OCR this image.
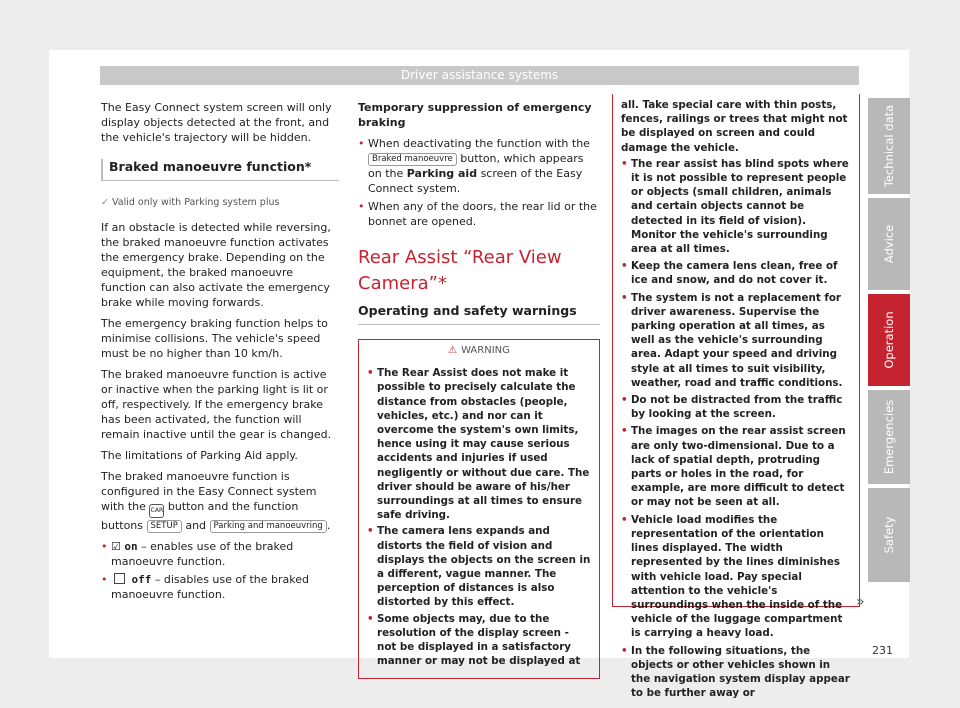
Driver assistance systems

The Easy Connect system screen will only display objects detected at the front, and the vehicle's trajectory will be hidden.

Braked manoeuvre function*
✓ Valid only with Parking system plus

If an obstacle is detected while reversing, the braked manoeuvre function activates the emergency brake. Depending on the equipment, the braked manoeuvre function can also activate the emergency brake while moving forwards.

The emergency braking function helps to minimise collisions. The vehicle's speed must be no higher than 10 km/h.

The braked manoeuvre function is active or inactive when the parking light is lit or off, respectively. If the emergency brake has been activated, the function will remain inactive until the gear is changed.

The limitations of Parking Aid apply.

The braked manoeuvre function is configured in the Easy Connect system with the CAR button and the function buttons SETUP and Parking and manoeuvring .

• ☑ on – enables use of the braked manoeuvre function.
• off – disables use of the braked manoeuvre function.

Temporary suppression of emergency braking

• When deactivating the function with the Braked manoeuvre button, which appears on the Parking aid screen of the Easy Connect system.
• When any of the doors, the rear lid or the bonnet are opened.
Rear Assist “Rear View Camera”*
Operating and safety warnings
⚠ WARNING
• The Rear Assist does not make it possible to precisely calculate the distance from obstacles (people, vehicles, etc.) and nor can it overcome the system's own limits, hence using it may cause serious accidents and injuries if used negligently or without due care. The driver should be aware of his/her surroundings at all times to ensure safe driving.
• The camera lens expands and distorts the field of vision and displays the objects on the screen in a different, vague manner. The perception of distances is also distorted by this effect.
• Some objects may, due to the resolution of the display screen - not be displayed in a satisfactory manner or may not be displayed at
all. Take special care with thin posts, fences, railings or trees that might not be displayed on screen and could damage the vehicle.
• The rear assist has blind spots where it is not possible to represent people or objects (small children, animals and certain objects cannot be detected in its field of vision). Monitor the vehicle's surrounding area at all times.
• Keep the camera lens clean, free of ice and snow, and do not cover it.
• The system is not a replacement for driver awareness. Supervise the parking operation at all times, as well as the vehicle's surrounding area. Adapt your speed and driving style at all times to suit visibility, weather, road and traffic conditions.
• Do not be distracted from the traffic by looking at the screen.
• The images on the rear assist screen are only two-dimensional. Due to a lack of spatial depth, protruding parts or holes in the road, for example, are more difficult to detect or may not be seen at all.
• Vehicle load modifies the representation of the orientation lines displayed. The width represented by the lines diminishes with vehicle load. Pay special attention to the vehicle's surroundings when the inside of the vehicle of the luggage compartment is carrying a heavy load.
• In the following situations, the objects or other vehicles shown in the navigation system display appear to be further away or
»
Technical data
Advice
Operation
Emergencies
Safety
231
